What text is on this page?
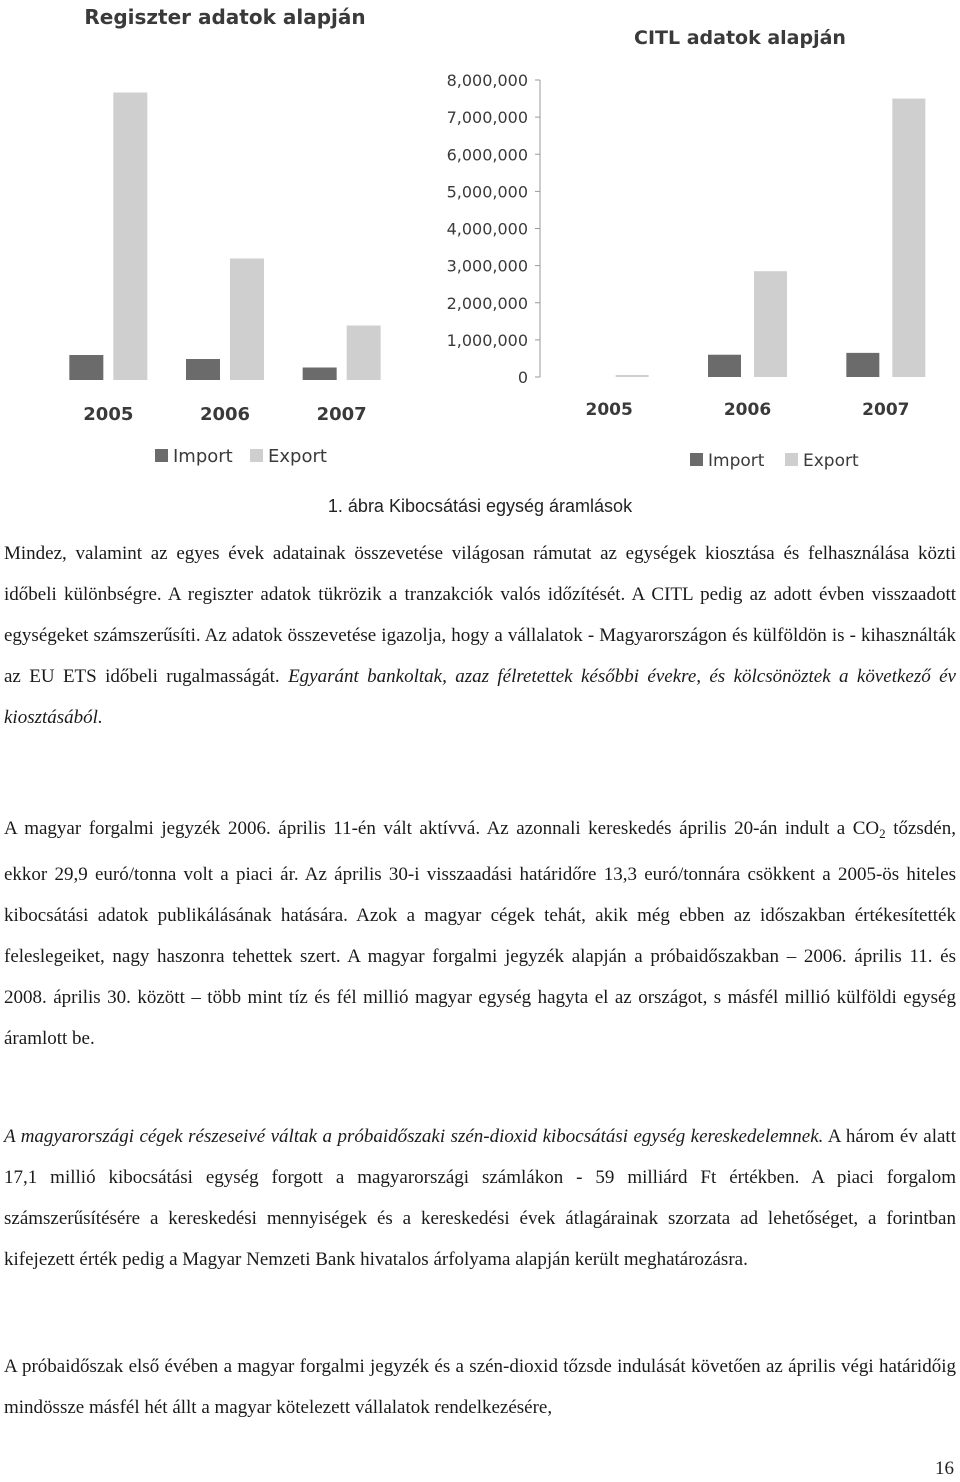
Regiszter adatok alapján
2005	2006	2007
Import Export
CITL adatok alapján
0
1,000,000
2,000,000
3,000,000
4,000,000
5,000,000
6,000,000
7,000,000
8,000,000
2005	2006	2007
Import Export
1. ábra Kibocsátási egység áramlások

Mindez, valamint az egyes évek adatainak összevetése világosan rámutat az egységek kiosztása és felhasználása közti időbeli különbségre. A regiszter adatok tükrözik a tranzakciók valós időzítését. A CITL pedig az adott évben visszaadott egységeket számszerűsíti. Az adatok összevetése igazolja, hogy a vállalatok - Magyarországon és külföldön is - kihasználták az EU ETS időbeli rugalmasságát. Egyaránt bankoltak, azaz félretettek későbbi évekre, és kölcsönöztek a következő év kiosztásából.

A magyar forgalmi jegyzék 2006. április 11-én vált aktívvá. Az azonnali kereskedés április 20-án indult a $CO_2$ tőzsdén, ekkor 29,9 euró/tonna volt a piaci ár. Az április 30-i visszaadási határidőre 13,3 euró/tonnára csökkent a 2005-ös hiteles kibocsátási adatok publikálásának hatására. Azok a magyar cégek tehát, akik még ebben az időszakban értékesítették feleslegeiket, nagy haszonra tehettek szert. A magyar forgalmi jegyzék alapján a próbaidőszakban – 2006. április 11. és 2008. április 30. között – több mint tíz és fél millió magyar egység hagyta el az országot, s másfél millió külföldi egység áramlott be.

A magyarországi cégek részeseivé váltak a próbaidőszaki szén-dioxid kibocsátási egység kereskedelemnek. A három év alatt 17,1 millió kibocsátási egység forgott a magyarországi számlákon - 59 milliárd Ft értékben. A piaci forgalom számszerűsítésére a kereskedési mennyiségek és a kereskedési évek átlagárainak szorzata ad lehetőséget, a forintban kifejezett érték pedig a Magyar Nemzeti Bank hivatalos árfolyama alapján került meghatározásra.

A próbaidőszak első évében a magyar forgalmi jegyzék és a szén-dioxid tőzsde indulását követően az április végi határidőig mindössze másfél hét állt a magyar kötelezett vállalatok rendelkezésére,

16
